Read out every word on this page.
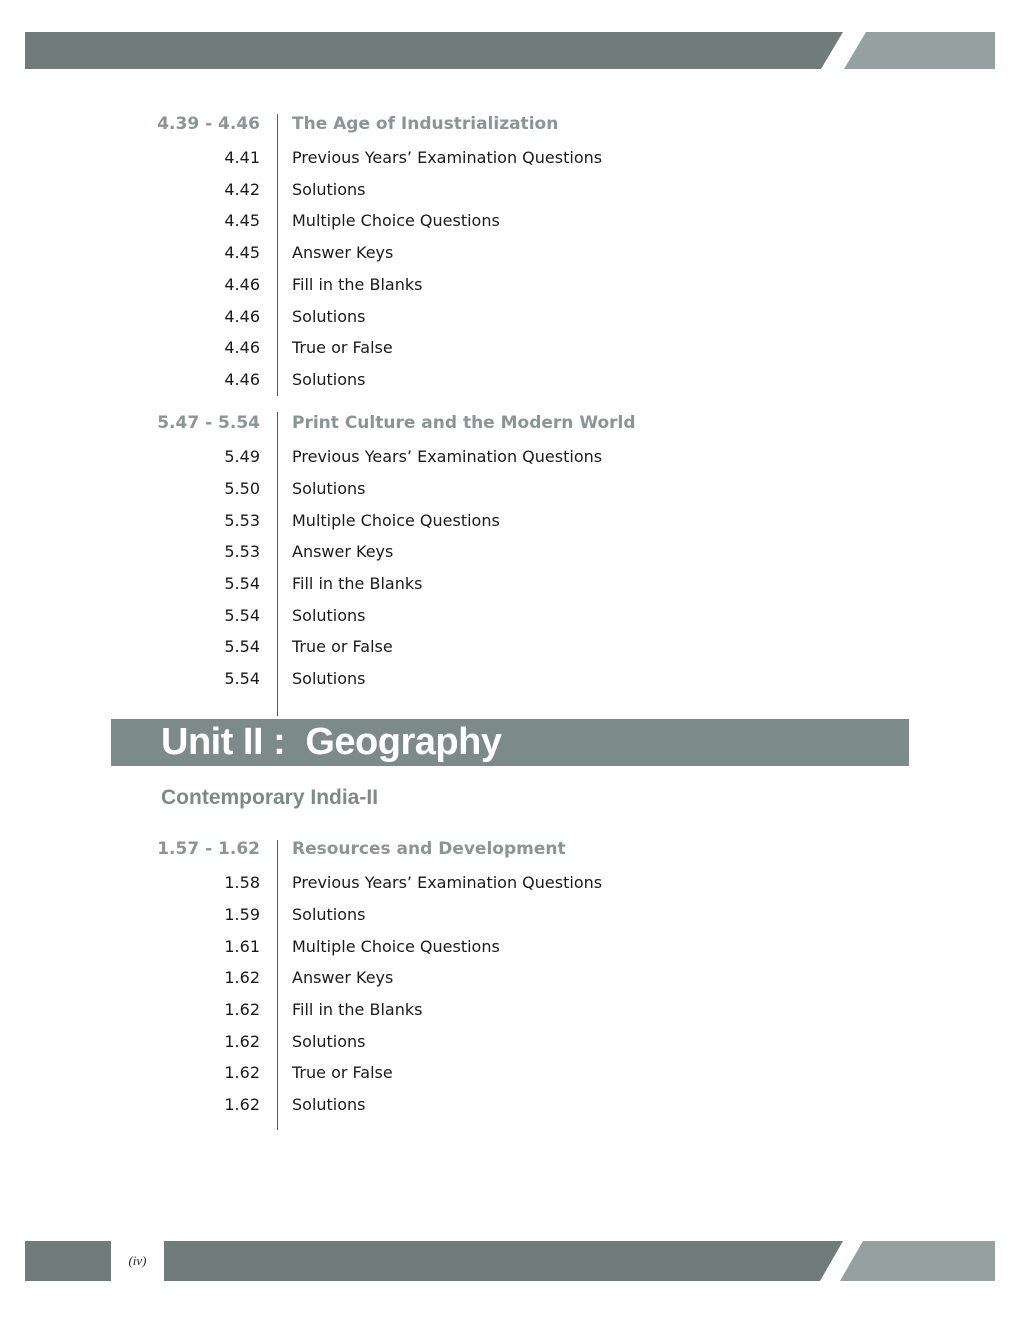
4.39 - 4.46 The Age of Industrialization
4.41 Previous Years’ Examination Questions
4.42 Solutions
4.45 Multiple Choice Questions
4.45 Answer Keys
4.46 Fill in the Blanks
4.46 Solutions
4.46 True or False
4.46 Solutions
5.47 - 5.54 Print Culture and the Modern World
5.49 Previous Years’ Examination Questions
5.50 Solutions
5.53 Multiple Choice Questions
5.53 Answer Keys
5.54 Fill in the Blanks
5.54 Solutions
5.54 True or False
5.54 Solutions
Unit II :  Geography
Contemporary India-II
1.57 - 1.62 Resources and Development
1.58 Previous Years’ Examination Questions
1.59 Solutions
1.61 Multiple Choice Questions
1.62 Answer Keys
1.62 Fill in the Blanks
1.62 Solutions
1.62 True or False
1.62 Solutions
(iv)
